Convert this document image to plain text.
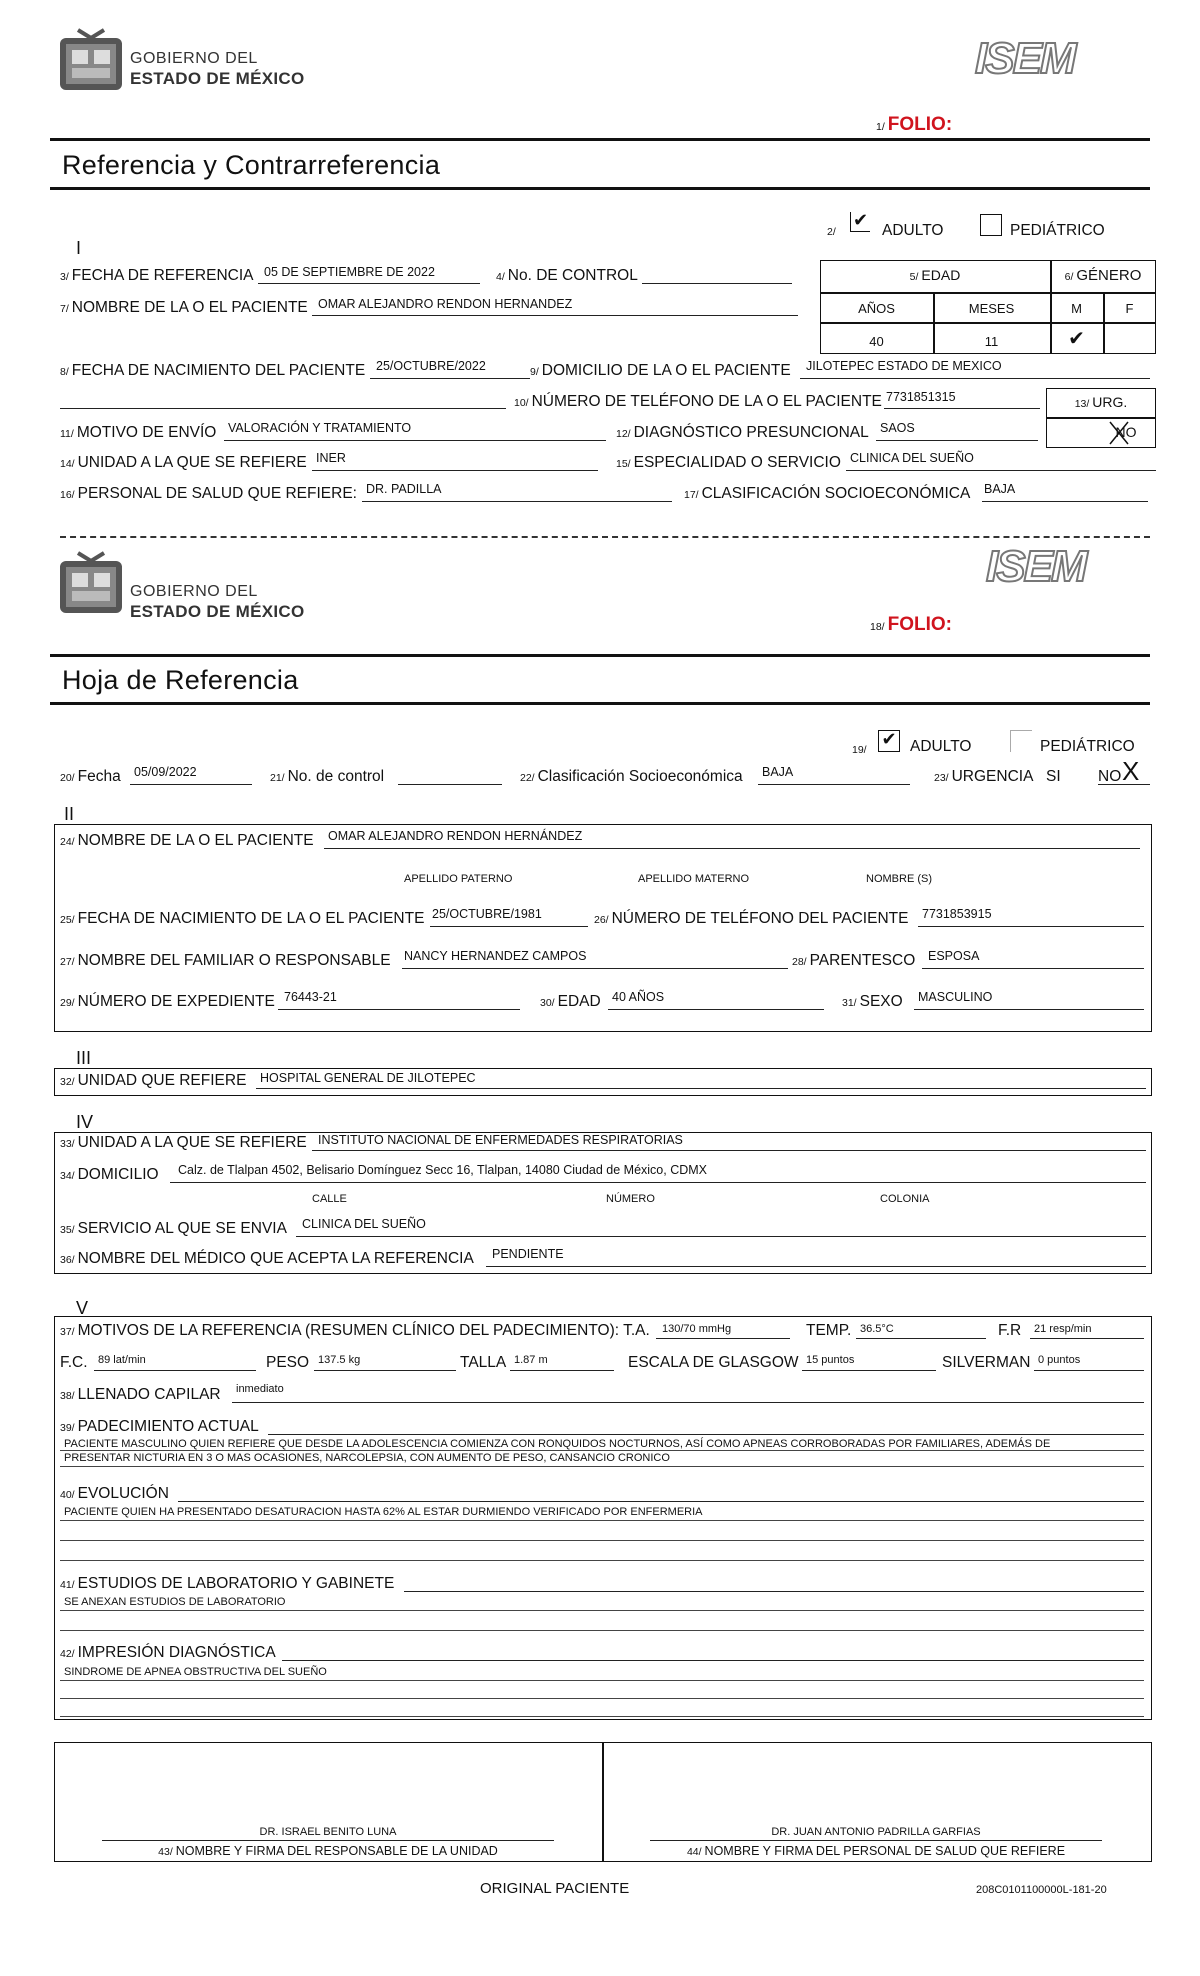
GOBIERNO DEL
ESTADO DE MÉXICO	ISEM
1/ FOLIO:
Referencia y Contrarreferencia
I
2/
✔
ADULTO	PEDIÁTRICO
3/ FECHA DE REFERENCIA 05 DE SEPTIEMBRE DE 2022	4/ No. DE CONTROL
7/ NOMBRE DE LA O EL PACIENTE OMAR ALEJANDRO RENDON HERNANDEZ
5/ EDAD	6/ GÉNERO
AÑOS	MESES	M	F
40	11	✔
8/ FECHA DE NACIMIENTO DEL PACIENTE 25/OCTUBRE/2022	9/ DOMICILIO DE LA O EL PACIENTE JILOTEPEC ESTADO DE MEXICO
10/ NÚMERO DE TELÉFONO DE LA O EL PACIENTE 7731851315	13/ URG.
NO
11/ MOTIVO DE ENVÍO VALORACIÓN Y TRATAMIENTO	12/ DIAGNÓSTICO PRESUNCIONAL SAOS
14/ UNIDAD A LA QUE SE REFIERE INER	15/ ESPECIALIDAD O SERVICIO CLINICA DEL SUEÑO
16/ PERSONAL DE SALUD QUE REFIERE: DR. PADILLA	17/ CLASIFICACIÓN SOCIOECONÓMICA BAJA
GOBIERNO DEL
ESTADO DE MÉXICO
ISEM
18/ FOLIO:
Hoja de Referencia
19/
✔ ADULTO	PEDIÁTRICO
20/ Fecha 05/09/2022	21/ No. de control	22/ Clasificación Socioeconómica BAJA	23/ URGENCIA SI NO X
II
24/ NOMBRE DE LA O EL PACIENTE OMAR ALEJANDRO RENDON HERNÁNDEZ
APELLIDO PATERNO	APELLIDO MATERNO	NOMBRE (S)
25/ FECHA DE NACIMIENTO DE LA O EL PACIENTE 25/OCTUBRE/1981	26/ NÚMERO DE TELÉFONO DEL PACIENTE 7731853915
27/ NOMBRE DEL FAMILIAR O RESPONSABLE NANCY HERNANDEZ CAMPOS	28/ PARENTESCO ESPOSA
29/ NÚMERO DE EXPEDIENTE 76443-21	30/ EDAD 40 AÑOS	31/ SEXO MASCULINO
III
32/ UNIDAD QUE REFIERE HOSPITAL GENERAL DE JILOTEPEC
IV
33/ UNIDAD A LA QUE SE REFIERE INSTITUTO NACIONAL DE ENFERMEDADES RESPIRATORIAS
34/ DOMICILIO Calz. de Tlalpan 4502, Belisario Domínguez Secc 16, Tlalpan, 14080 Ciudad de México, CDMX
CALLE	NÚMERO	COLONIA
35/ SERVICIO AL QUE SE ENVIA CLINICA DEL SUEÑO
36/ NOMBRE DEL MÉDICO QUE ACEPTA LA REFERENCIA PENDIENTE
V
37/ MOTIVOS DE LA REFERENCIA (RESUMEN CLÍNICO DEL PADECIMIENTO): T.A. 130/70 mmHg	TEMP. 36.5°C	F.R 21 resp/min
F.C. 89 lat/min	PESO 137.5 kg	TALLA 1.87 m	ESCALA DE GLASGOW 15 puntos	SILVERMAN 0 puntos
38/ LLENADO CAPILAR inmediato
39/ PADECIMIENTO ACTUAL
PACIENTE MASCULINO QUIEN REFIERE QUE DESDE LA ADOLESCENCIA COMIENZA CON RONQUIDOS NOCTURNOS, ASÍ COMO APNEAS CORROBORADAS POR FAMILIARES, ADEMÁS DE
PRESENTAR NICTURIA EN 3 O MAS OCASIONES, NARCOLEPSIA, CON AUMENTO DE PESO, CANSANCIO CRONICO
40/ EVOLUCIÓN
PACIENTE QUIEN HA PRESENTADO DESATURACION HASTA 62% AL ESTAR DURMIENDO VERIFICADO POR ENFERMERIA
41/ ESTUDIOS DE LABORATORIO Y GABINETE
SE ANEXAN ESTUDIOS DE LABORATORIO
42/ IMPRESIÓN DIAGNÓSTICA
SINDROME DE APNEA OBSTRUCTIVA DEL SUEÑO
DR. ISRAEL BENITO LUNA
43/ NOMBRE Y FIRMA DEL RESPONSABLE DE LA UNIDAD
DR. JUAN ANTONIO PADRILLA GARFIAS
44/ NOMBRE Y FIRMA DEL PERSONAL DE SALUD QUE REFIERE
ORIGINAL PACIENTE	208C0101100000L-181-20
